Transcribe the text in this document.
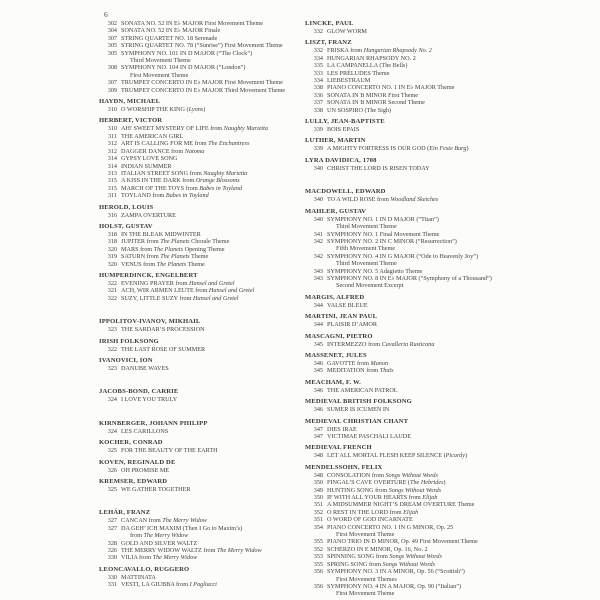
6
302 SONATA NO. 52 IN E♭ MAJOR First Movement Theme
304 SONATA NO. 52 IN E♭ MAJOR Finale
307 STRING QUARTET NO. 18 Serenade
305 STRING QUARTET NO. 78 (“Sunrise”) First Movement Theme
305 SYMPHONY NO. 101 IN D MAJOR (“The Clock”)
Third Movement Theme
308 SYMPHONY NO. 104 IN D MAJOR (“London”)
First Movement Theme
307 TRUMPET CONCERTO IN E♭ MAJOR First Movement Theme
309 TRUMPET CONCERTO IN E♭ MAJOR Third Movement Theme
HAYDN, MICHAEL
310 O WORSHIP THE KING (Lyons)
HERBERT, VICTOR
310 AH! SWEET MYSTERY OF LIFE from Naughty Marietta
311 THE AMERICAN GIRL
312 ART IS CALLING FOR ME from The Enchantress
312 DAGGER DANCE from Natoma
314 GYPSY LOVE SONG
314 INDIAN SUMMER
313 ITALIAN STREET SONG from Naughty Marietta
315 A KISS IN THE DARK from Orange Blossoms
315 MARCH OF THE TOYS from Babes in Toyland
311 TOYLAND from Babes in Toyland
HEROLD, LOUIS
316 ZAMPA OVERTURE
HOLST, GUSTAV
318 IN THE BLEAK MIDWINTER
318 JUPITER from The Planets Chorale Theme
320 MARS from The Planets Opening Theme
319 SATURN from The Planets Theme
320 VENUS from The Planets Theme
HUMPERDINCK, ENGELBERT
322 EVENING PRAYER from Hansel and Gretel
321 ACH, WIR ARMEN LEUTE from Hansel and Gretel
322 SUZY, LITTLE SUZY from Hansel and Gretel
IPPOLITOV-IVANOV, MIKHAIL
323 THE SARDAR’S PROCESSION
IRISH FOLKSONG
322 THE LAST ROSE OF SUMMER
IVANOVICI, ION
323 DANUBE WAVES
JACOBS-BOND, CARRIE
324 I LOVE YOU TRULY
KIRNBERGER, JOHANN PHILIPP
324 LES CARILLONS
KOCHER, CONRAD
325 FOR THE BEAUTY OF THE EARTH
KOVEN, REGINALD DE
326 OH PROMISE ME
KREMSER, EDWARD
325 WE GATHER TOGETHER
LEHÁR, FRANZ
327 CANCAN from The Merry Widow
327 DA GEH’ ICH MAXIM (Then I Go to Maxim’s)
from The Merry Widow
328 GOLD AND SILVER WALTZ
326 THE MERRY WIDOW WALTZ from The Merry Widow
330 VILIA from The Merry Widow
LEONCAVALLO, RUGGERO
330 MATTINATA
331 VESTI, LA GIUBBA from I Pagliacci
LINCKE, PAUL
332 GLOW WORM
LISZT, FRANZ
332 FRISKA from Hungarian Rhapsody No. 2
334 HUNGARIAN RHAPSODY NO. 2
335 LA CAMPANELLA (The Bells)
333 LES PRÉLUDES Theme
334 LIEBESTRAUM
338 PIANO CONCERTO NO. 1 IN E♭ MAJOR Theme
336 SONATA IN B MINOR First Theme
337 SONATA IN B MINOR Second Theme
338 UN SOSPIRO (The Sigh)
LULLY, JEAN-BAPTISTE
339 BOIS EPAIS
LUTHER, MARTIN
339 A MIGHTY FORTRESS IS OUR GOD (Ein Feste Burg)
LYRA DAVIDICA, 1708
340 CHRIST THE LORD IS RISEN TODAY
MACDOWELL, EDWARD
340 TO A WILD ROSE from Woodland Sketches
MAHLER, GUSTAV
340 SYMPHONY NO. 1 IN D MAJOR (“Titan”)
Third Movement Theme
341 SYMPHONY NO. 1 Final Movement Theme
342 SYMPHONY NO. 2 IN C MINOR (“Resurrection”)
Fifth Movement Theme
342 SYMPHONY NO. 4 IN G MAJOR (“Ode to Heavenly Joy”)
Third Movement Theme
343 SYMPHONY NO. 5 Adagietto Theme
343 SYMPHONY NO. 8 IN E♭ MAJOR (“Symphony of a Thousand”)
Second Movement Excerpt
MARGIS, ALFRED
344 VALSE BLEUE
MARTINI, JEAN PAUL
344 PLAISIR D’AMOR
MASCAGNI, PIETRO
345 INTERMEZZO from Cavalleria Rusticana
MASSENET, JULES
346 GAVOTTE from Manon
345 MEDITATION from Thaïs
MEACHAM, F. W.
346 THE AMERICAN PATROL
MEDIEVAL BRITISH FOLKSONG
346 SUMER IS ICUMEN IN
MEDIEVAL CHRISTIAN CHANT
347 DIES IRAE
347 VICTIMAE PASCHALI LAUDE
MEDIEVAL FRENCH
348 LET ALL MORTAL FLESH KEEP SILENCE (Picardy)
MENDELSSOHN, FELIX
348 CONSOLATION from Songs Without Words
350 FINGAL’S CAVE OVERTURE (The Hebrides)
349 HUNTING SONG from Songs Without Words
350 IF WITH ALL YOUR HEARTS from Elijah
351 A MIDSUMMER NIGHT’S DREAM OVERTURE Theme
352 O REST IN THE LORD from Elijah
351 O WORD OF GOD INCARNATE
354 PIANO CONCERTO NO. 1 IN G MINOR, Op. 25
First Movement Theme
355 PIANO TRIO IN D MINOR, Op. 49 First Movement Theme
352 SCHERZO IN E MINOR, Op. 16, No. 2
353 SPINNING SONG from Songs Without Words
355 SPRING SONG from Songs Without Words
356 SYMPHONY NO. 3 IN A MINOR, Op. 56 (“Scottish”)
First Movement Themes
356 SYMPHONY NO. 4 IN A MAJOR, Op. 90 (“Italian”)
First Movement Theme
